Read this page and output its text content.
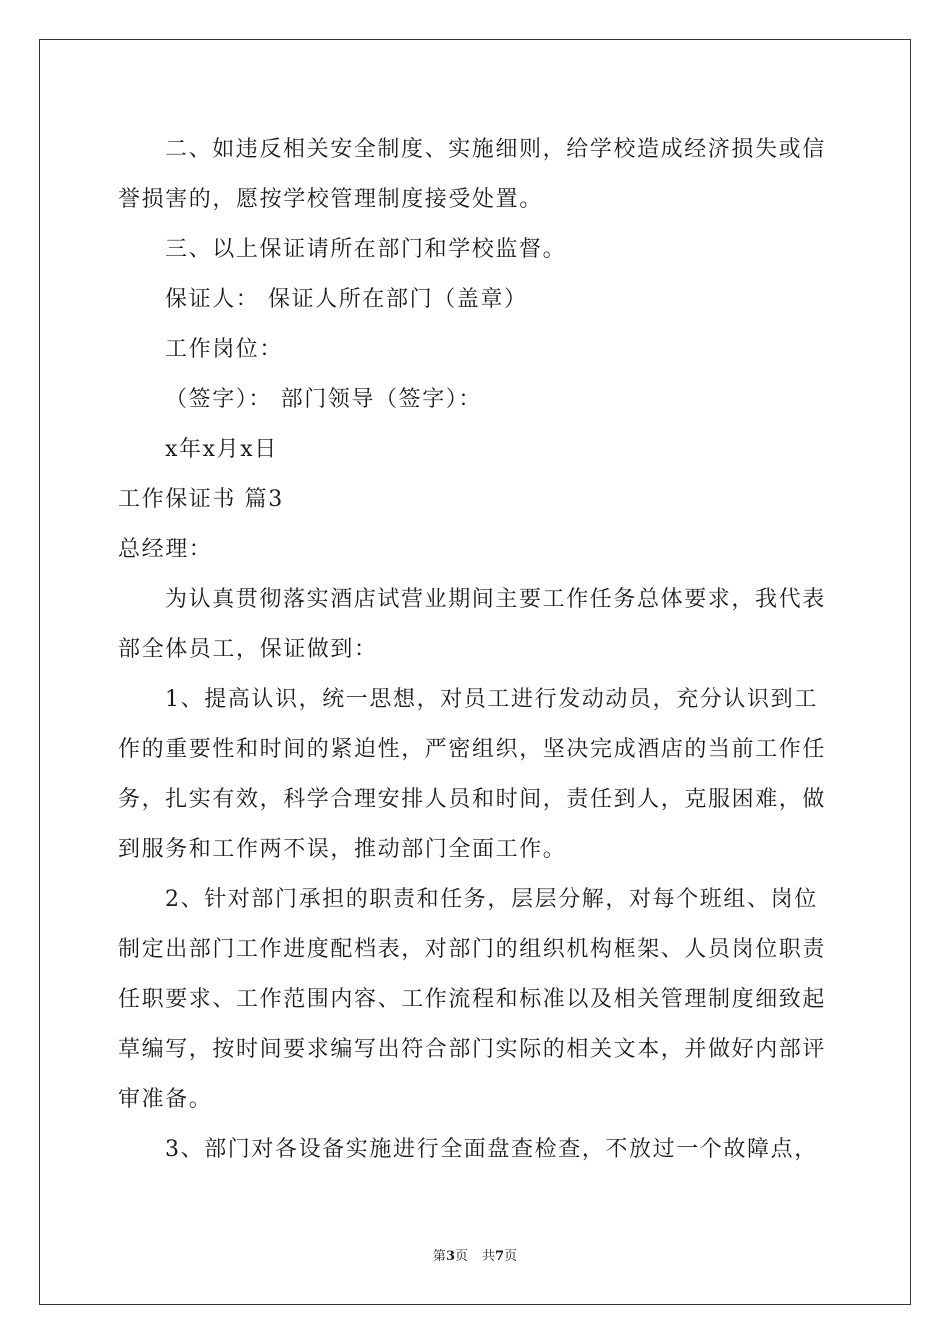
二、如违反相关安全制度、实施细则，给学校造成经济损失或信誉损害的，愿按学校管理制度接受处置。

三、以上保证请所在部门和学校监督。

保证人： 保证人所在部门（盖章）

工作岗位：

（签字）： 部门领导（签字）：

x年x月x日

工作保证书 篇3

总经理：

为认真贯彻落实酒店试营业期间主要工作任务总体要求，我代表部全体员工，保证做到：

1、提高认识，统一思想，对员工进行发动动员，充分认识到工作的重要性和时间的紧迫性，严密组织，坚决完成酒店的当前工作任务，扎实有效，科学合理安排人员和时间，责任到人，克服困难，做到服务和工作两不误，推动部门全面工作。

2、针对部门承担的职责和任务，层层分解，对每个班组、岗位制定出部门工作进度配档表，对部门的组织机构框架、人员岗位职责任职要求、工作范围内容、工作流程和标准以及相关管理制度细致起草编写，按时间要求编写出符合部门实际的相关文本，并做好内部评审准备。

3、部门对各设备实施进行全面盘查检查，不放过一个故障点，

第3页 共7页
